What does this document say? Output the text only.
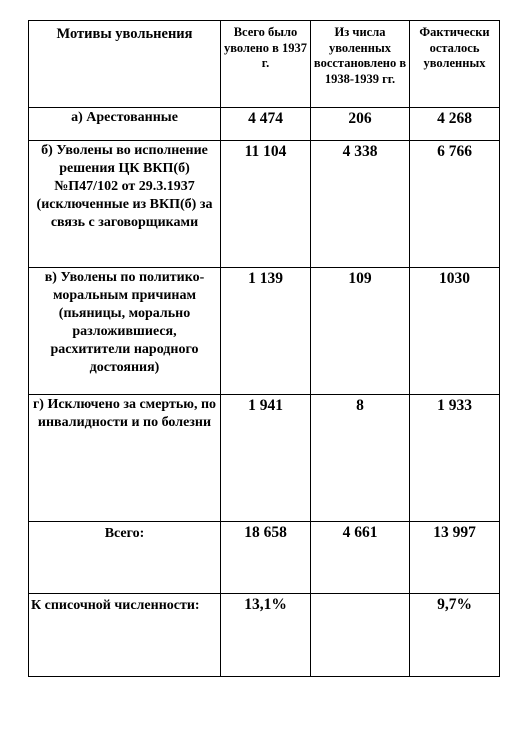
Мотивы увольнения	Всего было уволено в 1937 г.	Из числа уволенных восстановлено в 1938-1939 гг.	Фактически осталось уволенных
а) Арестованные	4 474	206	4 268
б) Уволены во исполнение решения ЦК ВКП(б) №П47/102 от 29.3.1937 (исключенные из ВКП(б) за связь с заговорщиками	11 104	4 338	6 766
в) Уволены по политико-моральным причинам (пьяницы, морально разложившиеся, расхитители народного достояния)	1 139	109	1030
г) Исключено за смертью, по инвалидности и по болезни	1 941	8	1 933
Всего:	18 658	4 661	13 997
К списочной численности:	13,1%		9,7%
